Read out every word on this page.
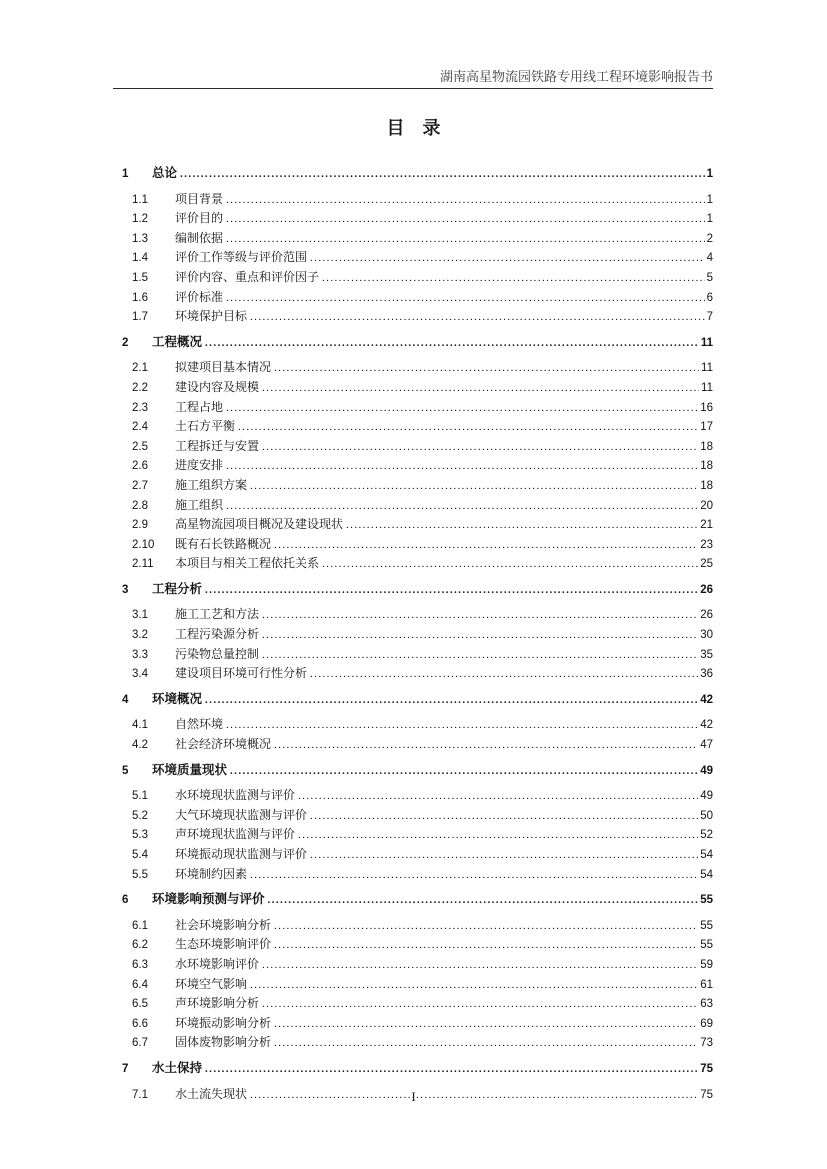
湖南高星物流园铁路专用线工程环境影响报告书
目　录
1	总论 .....	1
1.1	项目背景 .....	1
1.2	评价目的 .....	1
1.3	编制依据 .....	2
1.4	评价工作等级与评价范围 .....	4
1.5	评价内容、重点和评价因子 .....	5
1.6	评价标准 .....	6
1.7	环境保护目标 .....	7
2	工程概况 .....	11
2.1	拟建项目基本情况 .....	11
2.2	建设内容及规模 .....	11
2.3	工程占地 .....	16
2.4	土石方平衡 .....	17
2.5	工程拆迁与安置 .....	18
2.6	进度安排 .....	18
2.7	施工组织方案 .....	18
2.8	施工组织 .....	20
2.9	高星物流园项目概况及建设现状 .....	21
2.10	既有石长铁路概况 .....	23
2.11	本项目与相关工程依托关系 .....	25
3	工程分析 .....	26
3.1	施工工艺和方法 .....	26
3.2	工程污染源分析 .....	30
3.3	污染物总量控制 .....	35
3.4	建设项目环境可行性分析 .....	36
4	环境概况 .....	42
4.1	自然环境 .....	42
4.2	社会经济环境概况 .....	47
5	环境质量现状 .....	49
5.1	水环境现状监测与评价 .....	49
5.2	大气环境现状监测与评价 .....	50
5.3	声环境现状监测与评价 .....	52
5.4	环境振动现状监测与评价 .....	54
5.5	环境制约因素 .....	54
6	环境影响预测与评价 .....	55
6.1	社会环境影响分析 .....	55
6.2	生态环境影响评价 .....	55
6.3	水环境影响评价 .....	59
6.4	环境空气影响 .....	61
6.5	声环境影响分析 .....	63
6.6	环境振动影响分析 .....	69
6.7	固体废物影响分析 .....	73
7	水土保持 .....	75
7.1	水土流失现状 .....	75
I
